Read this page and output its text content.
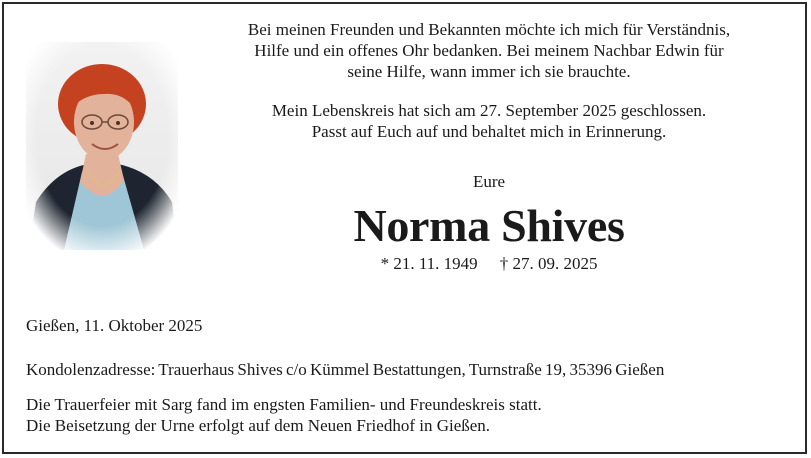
Bei meinen Freunden und Bekannten möchte ich mich für Verständnis,
Hilfe und ein offenes Ohr bedanken. Bei meinem Nachbar Edwin für
seine Hilfe, wann immer ich sie brauchte.

Mein Lebenskreis hat sich am 27. September 2025 geschlossen.
Passt auf Euch auf und behaltet mich in Erinnerung.

Eure
Norma Shives
* 21. 11. 1949 † 27. 09. 2025
Gießen, 11. Oktober 2025
Kondolenzadresse: Trauerhaus Shives c/o Kümmel Bestattungen, Turnstraße 19, 35396 Gießen
Die Trauerfeier mit Sarg fand im engsten Familien- und Freundeskreis statt.
Die Beisetzung der Urne erfolgt auf dem Neuen Friedhof in Gießen.
